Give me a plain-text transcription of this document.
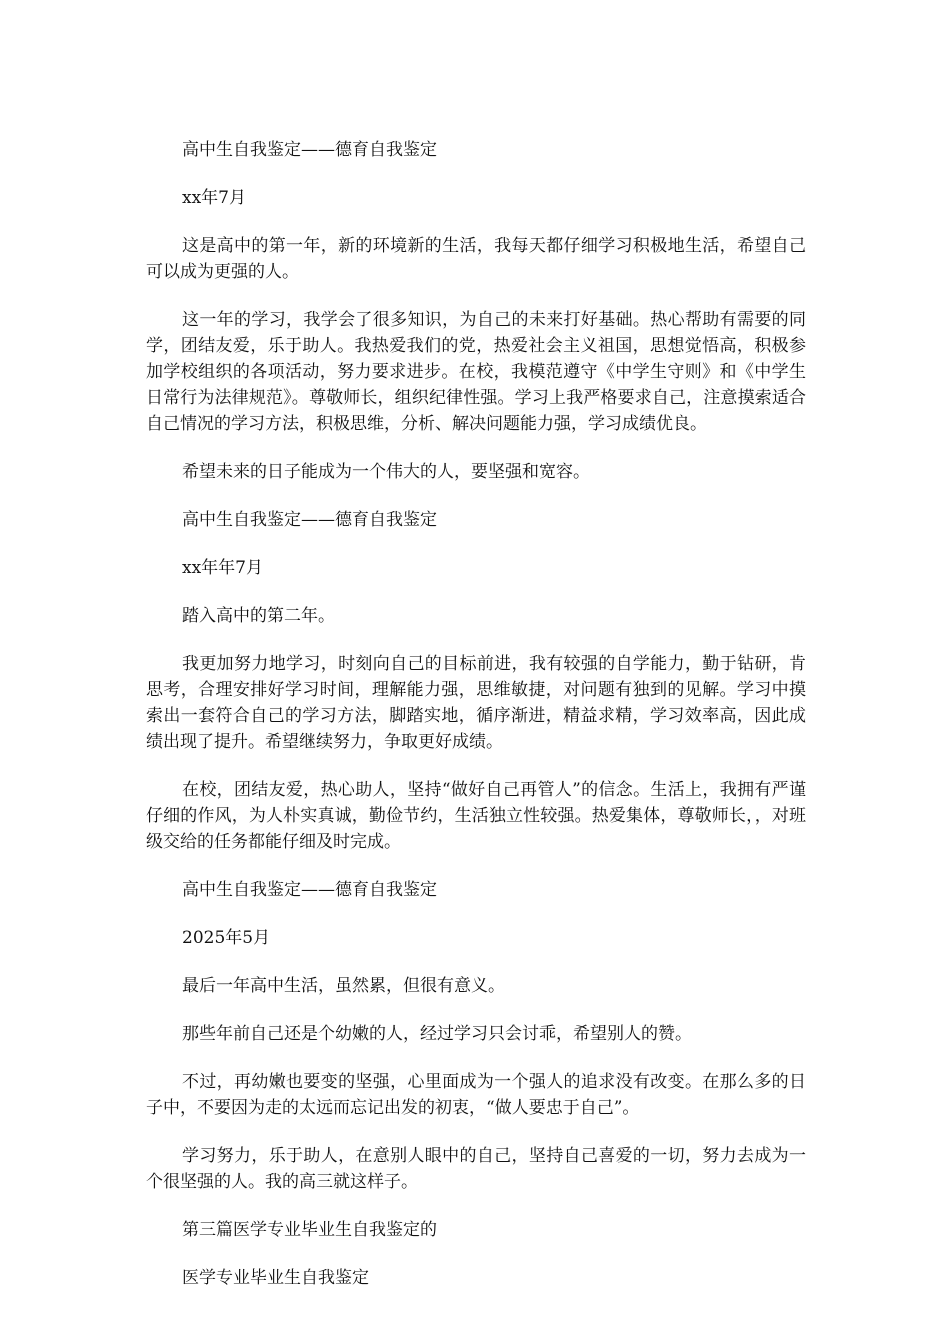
高中生自我鉴定——德育自我鉴定

xx年7月

这是高中的第一年，新的环境新的生活，我每天都仔细学习积极地生活，希望自己可以成为更强的人。

这一年的学习，我学会了很多知识，为自己的未来打好基础。热心帮助有需要的同学，团结友爱，乐于助人。我热爱我们的党，热爱社会主义祖国，思想觉悟高，积极参加学校组织的各项活动，努力要求进步。在校，我模范遵守《中学生守则》和《中学生日常行为法律规范》。尊敬师长，组织纪律性强。学习上我严格要求自己，注意摸索适合自己情况的学习方法，积极思维，分析、解决问题能力强，学习成绩优良。

希望未来的日子能成为一个伟大的人，要坚强和宽容。

高中生自我鉴定——德育自我鉴定

xx年年7月

踏入高中的第二年。

我更加努力地学习，时刻向自己的目标前进，我有较强的自学能力，勤于钻研，肯思考，合理安排好学习时间，理解能力强，思维敏捷，对问题有独到的见解。学习中摸索出一套符合自己的学习方法，脚踏实地，循序渐进，精益求精，学习效率高，因此成绩出现了提升。希望继续努力，争取更好成绩。

在校，团结友爱，热心助人，坚持“做好自己再管人”的信念。生活上，我拥有严谨仔细的作风，为人朴实真诚，勤俭节约，生活独立性较强。热爱集体，尊敬师长，，对班级交给的任务都能仔细及时完成。

高中生自我鉴定——德育自我鉴定

2025年5月

最后一年高中生活，虽然累，但很有意义。

那些年前自己还是个幼嫩的人，经过学习只会讨乖，希望别人的赞。

不过，再幼嫩也要变的坚强，心里面成为一个强人的追求没有改变。在那么多的日子中，不要因为走的太远而忘记出发的初衷，“做人要忠于自己”。

学习努力，乐于助人，在意别人眼中的自己，坚持自己喜爱的一切，努力去成为一个很坚强的人。我的高三就这样子。

第三篇医学专业毕业生自我鉴定的

医学专业毕业生自我鉴定
